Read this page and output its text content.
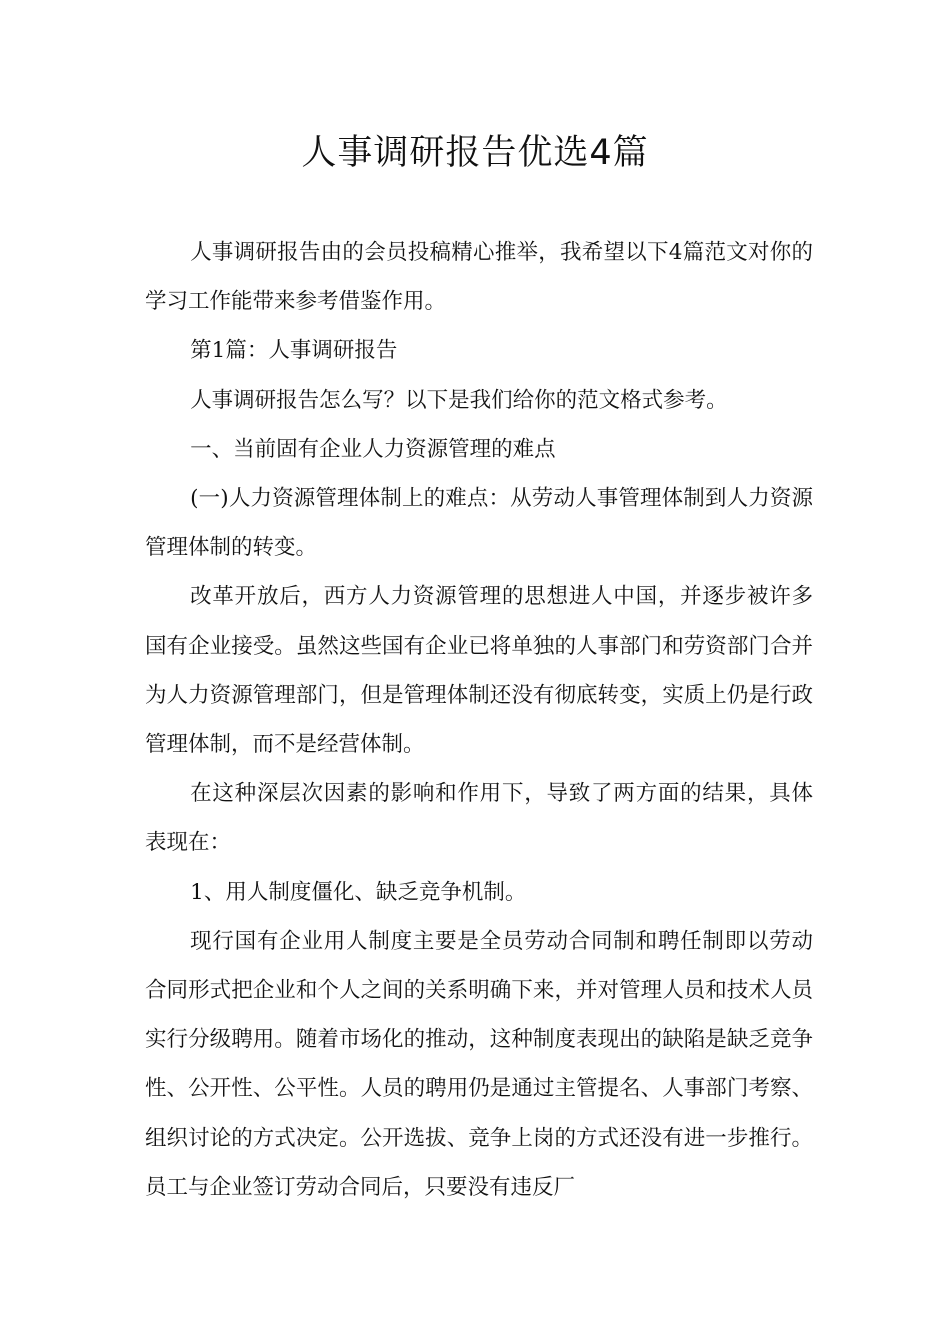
人事调研报告优选4篇

人事调研报告由的会员投稿精心推举，我希望以下4篇范文对你的学习工作能带来参考借鉴作用。

第1篇：人事调研报告

人事调研报告怎么写？以下是我们给你的范文格式参考。

一、当前固有企业人力资源管理的难点

(一)人力资源管理体制上的难点：从劳动人事管理体制到人力资源管理体制的转变。

改革开放后，西方人力资源管理的思想进人中国，并逐步被许多国有企业接受。虽然这些国有企业已将单独的人事部门和劳资部门合并为人力资源管理部门，但是管理体制还没有彻底转变，实质上仍是行政管理体制，而不是经营体制。

在这种深层次因素的影响和作用下，导致了两方面的结果，具体表现在：

1、用人制度僵化、缺乏竞争机制。

现行国有企业用人制度主要是全员劳动合同制和聘任制即以劳动合同形式把企业和个人之间的关系明确下来，并对管理人员和技术人员实行分级聘用。随着市场化的推动，这种制度表现出的缺陷是缺乏竞争性、公开性、公平性。人员的聘用仍是通过主管提名、人事部门考察、组织讨论的方式决定。公开选拔、竞争上岗的方式还没有进一步推行。员工与企业签订劳动合同后，只要没有违反厂
